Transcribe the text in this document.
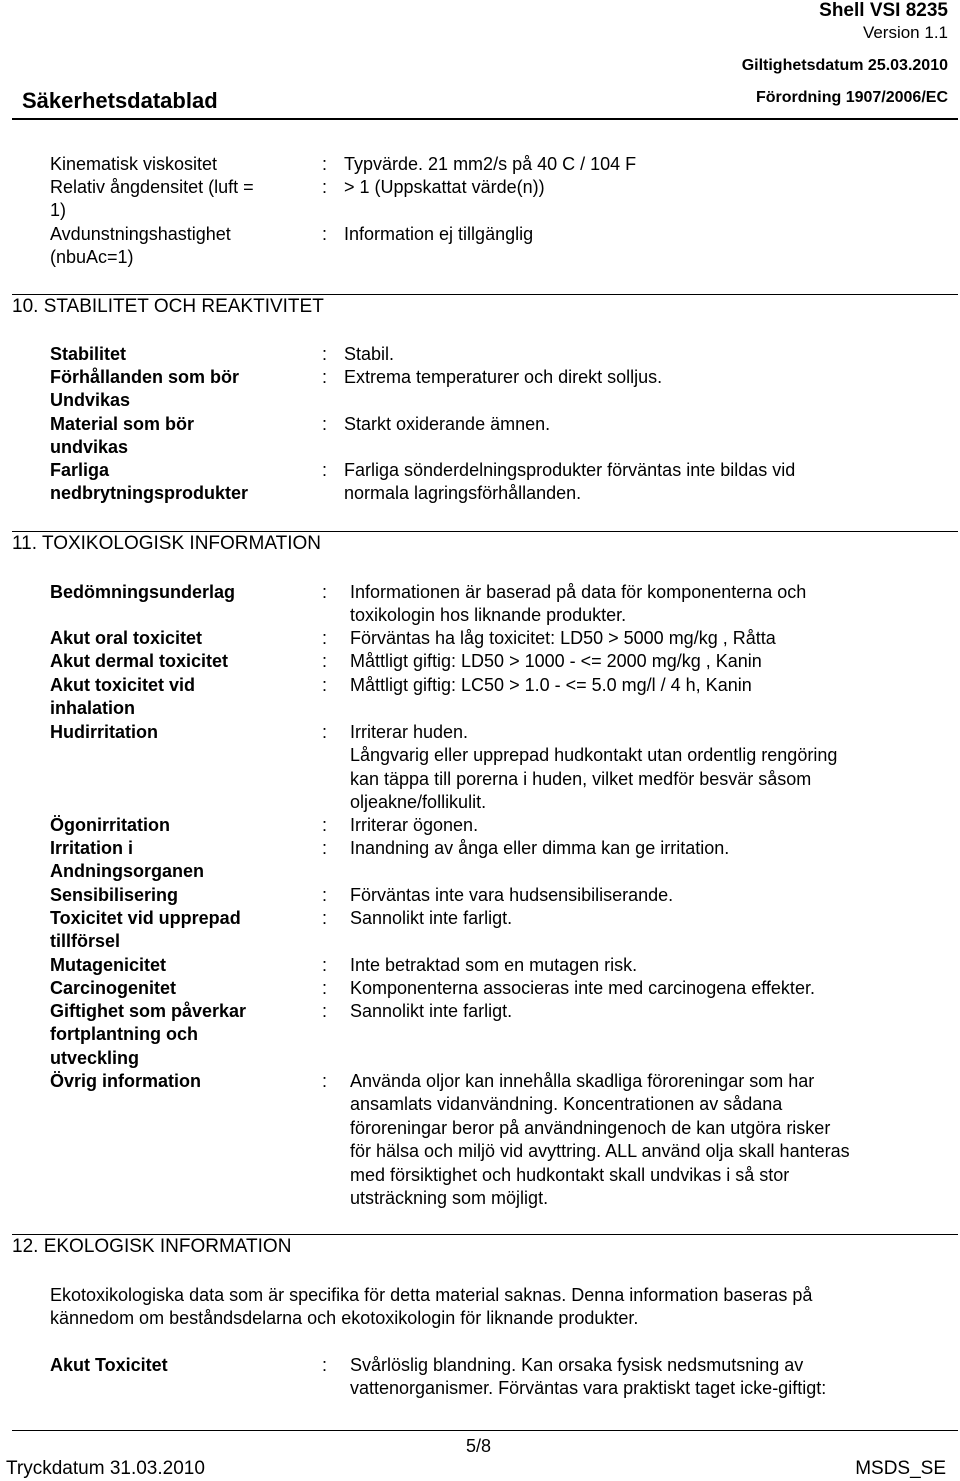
Shell VSI 8235
Version 1.1
Giltighetsdatum 25.03.2010
Säkerhetsdatablad	Förordning 1907/2006/EC
Kinematisk viskositet	: Typvärde. 21 mm2/s på 40 C / 104 F
Relativ ångdensitet (luft =
1)
: > 1 (Uppskattat värde(n))
Avdunstningshastighet
(nbuAc=1)
: Information ej tillgänglig
10. STABILITET OCH REAKTIVITET
Stabilitet	: Stabil.
Förhållanden som bör
Undvikas
: Extrema temperaturer och direkt solljus.
Material som bör
undvikas
: Starkt oxiderande ämnen.
Farliga
nedbrytningsprodukter
: Farliga sönderdelningsprodukter förväntas inte bildas vid
normala lagringsförhållanden.
11. TOXIKOLOGISK INFORMATION
Bedömningsunderlag	: Informationen är baserad på data för komponenterna och
toxikologin hos liknande produkter.
Akut oral toxicitet	: Förväntas ha låg toxicitet: LD50 > 5000 mg/kg , Råtta
Akut dermal toxicitet	: Måttligt giftig: LD50 > 1000 - <= 2000 mg/kg , Kanin
Akut toxicitet vid
inhalation
: Måttligt giftig: LC50 > 1.0 - <= 5.0 mg/l / 4 h, Kanin
Hudirritation	: Irriterar huden.
Långvarig eller upprepad hudkontakt utan ordentlig rengöring
kan täppa till porerna i huden, vilket medför besvär såsom
oljeakne/follikulit.
Ögonirritation	: Irriterar ögonen.
Irritation i
Andningsorganen
: Inandning av ånga eller dimma kan ge irritation.
Sensibilisering	: Förväntas inte vara hudsensibiliserande.
Toxicitet vid upprepad
tillförsel
: Sannolikt inte farligt.
Mutagenicitet	: Inte betraktad som en mutagen risk.
Carcinogenitet	: Komponenterna associeras inte med carcinogena effekter.
Giftighet som påverkar
fortplantning och
utveckling
: Sannolikt inte farligt.
Övrig information	: Använda oljor kan innehålla skadliga föroreningar som har
ansamlats vidanvändning. Koncentrationen av sådana
föroreningar beror på användningenoch de kan utgöra risker
för hälsa och miljö vid avyttring. ALL använd olja skall hanteras
med försiktighet och hudkontakt skall undvikas i så stor
utsträckning som möjligt.
12. EKOLOGISK INFORMATION
Ekotoxikologiska data som är specifika för detta material saknas. Denna information baseras på
kännedom om beståndsdelarna och ekotoxikologin för liknande produkter.
Akut Toxicitet	: Svårlöslig blandning. Kan orsaka fysisk nedsmutsning av
vattenorganismer. Förväntas vara praktiskt taget icke-giftigt:
5/8
Tryckdatum 31.03.2010	MSDS_SE
